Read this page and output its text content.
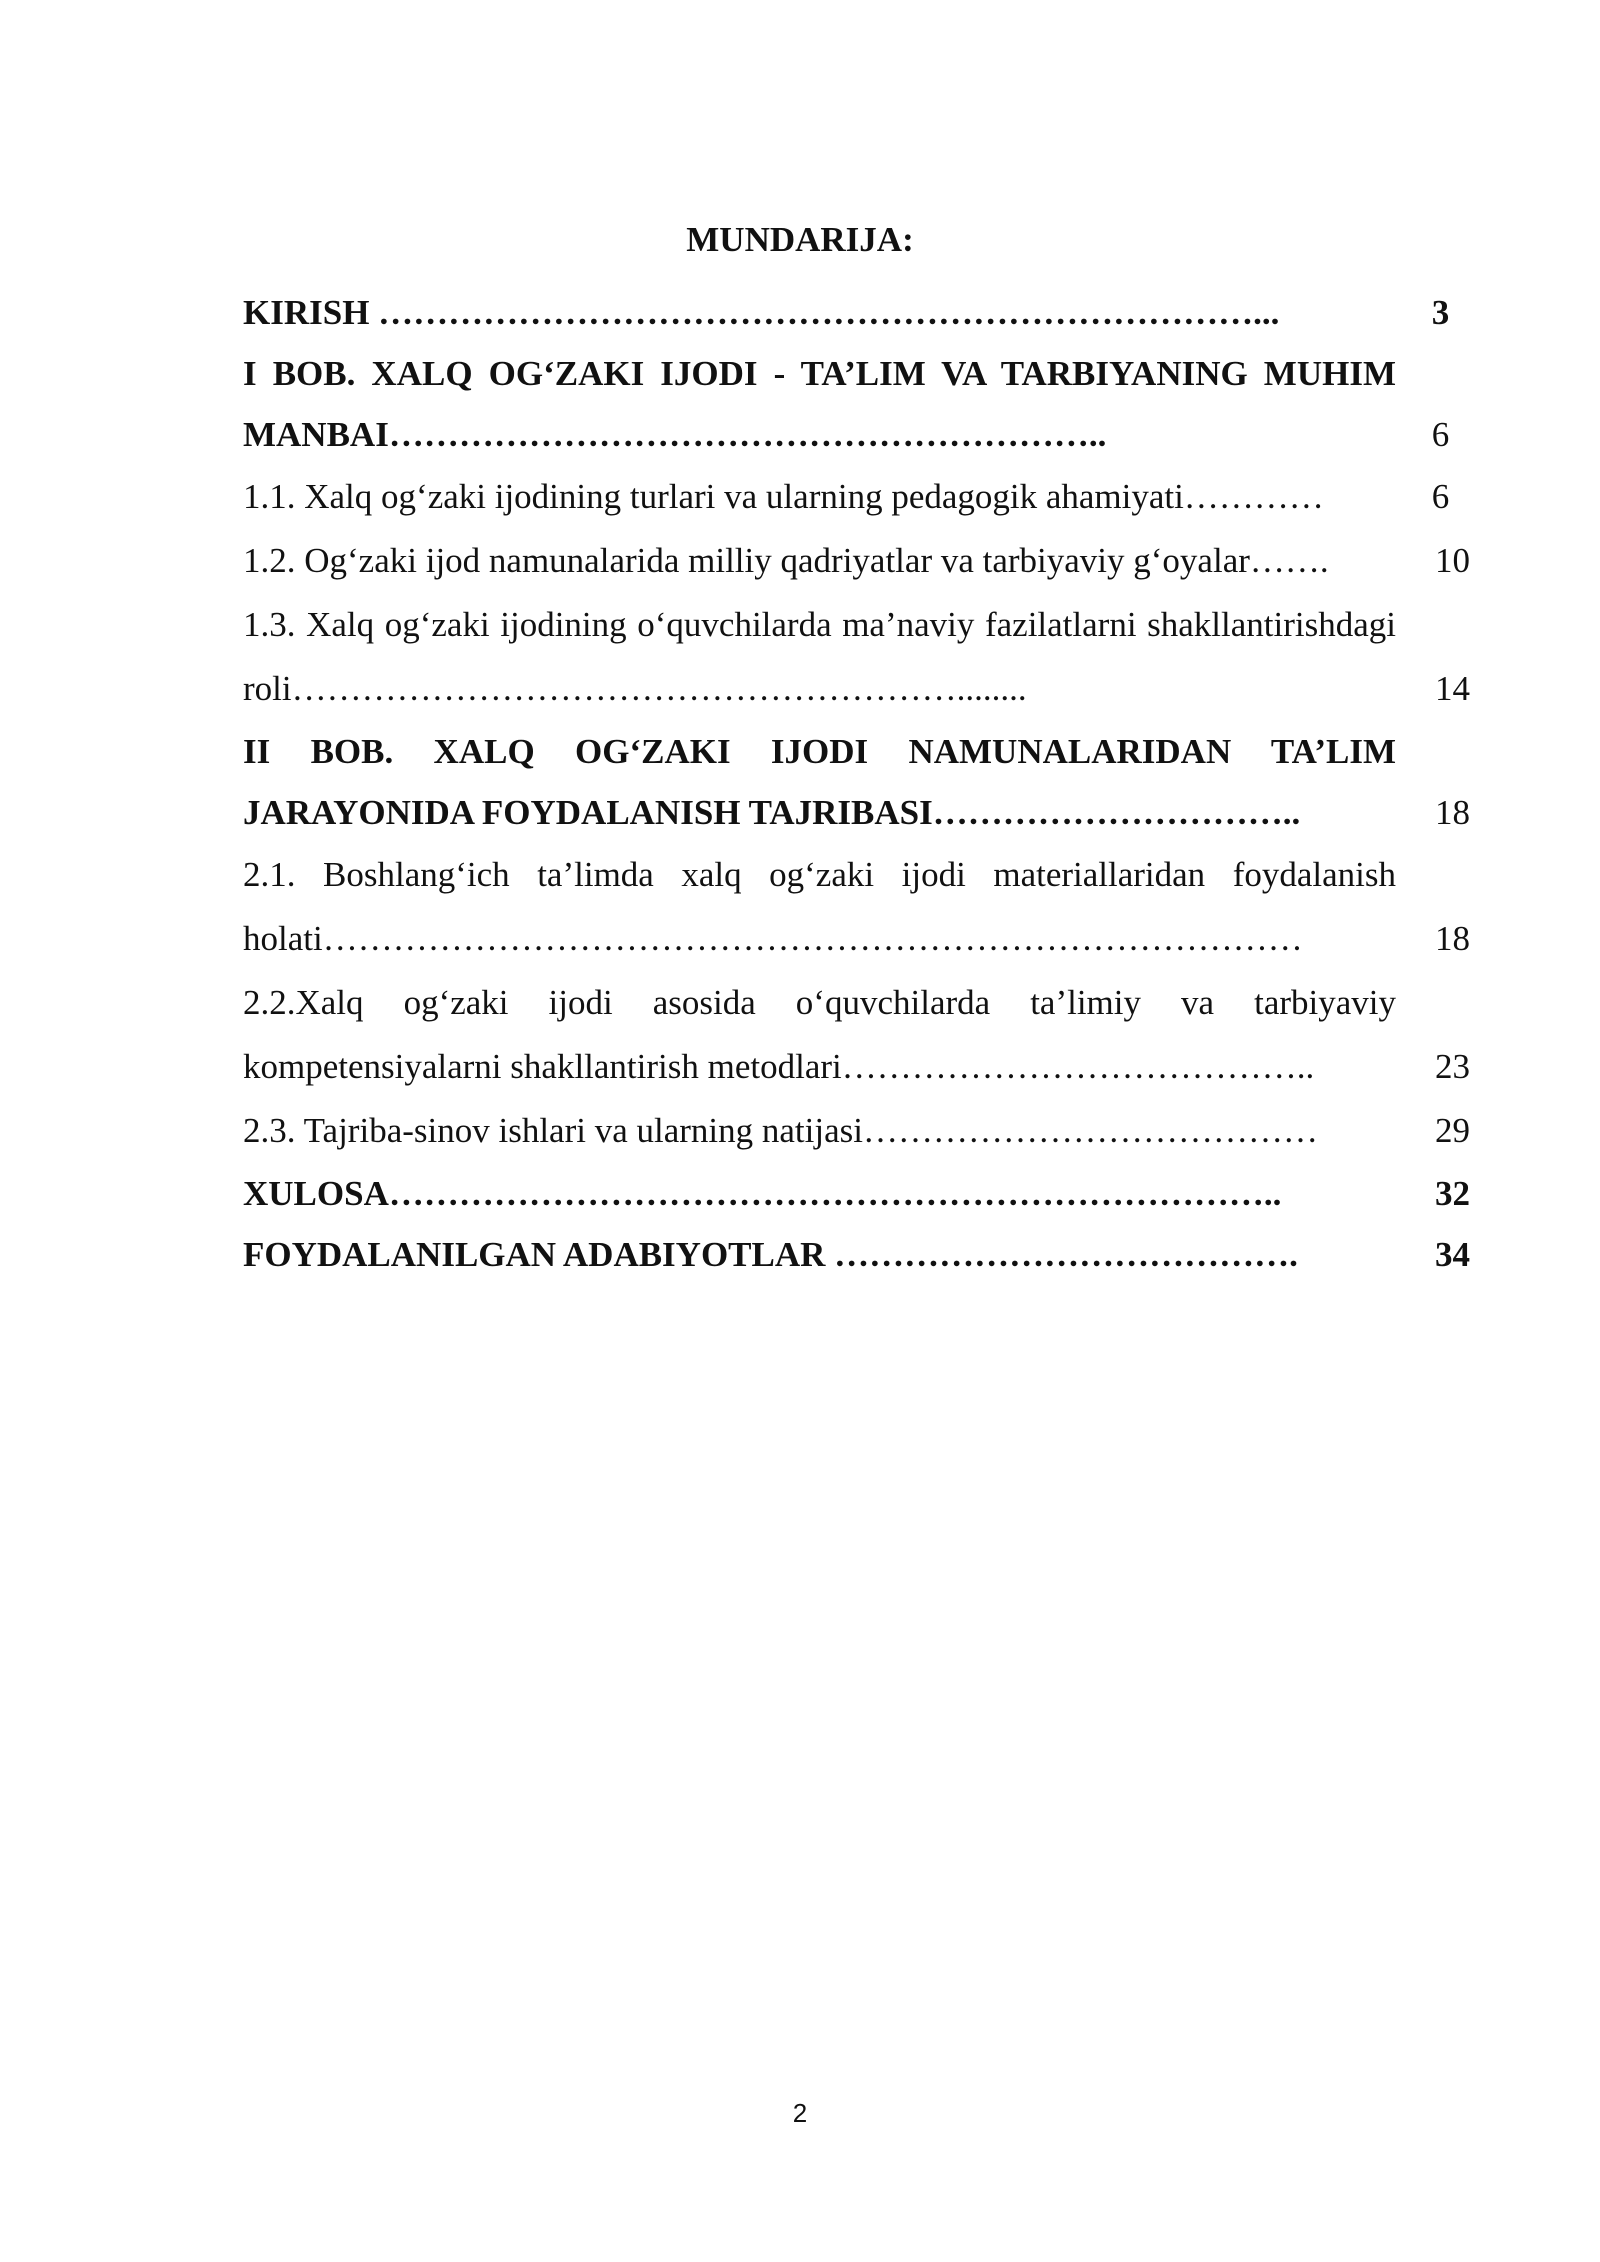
MUNDARIJA:
KIRISH …………………………………………………………………...	3
I BOB. XALQ OG‘ZAKI IJODI - TA’LIM VA TARBIYANING MUHIM MANBAI……………………………………………………..	6
1.1. Xalq og‘zaki ijodining turlari va ularning pedagogik ahamiyati…………	6
1.2. Og‘zaki ijod namunalarida milliy qadriyatlar va tarbiyaviy g‘oyalar…….	10
1.3. Xalq og‘zaki ijodining o‘quvchilarda ma’naviy fazilatlarni shakllantirishdagi roli…………………………………………………........	14
II BOB. XALQ OG‘ZAKI IJODI NAMUNALARIDAN TA’LIM JARAYONIDA FOYDALANISH TAJRIBASI…………………………..	18
2.1. Boshlang‘ich ta’limda xalq og‘zaki ijodi materiallaridan foydalanish holati…………………………………………………………………………	18
2.2.Xalq og‘zaki ijodi asosida o‘quvchilarda ta’limiy va tarbiyaviy kompetensiyalarni shakllantirish metodlari…………………………………..	23
2.3. Tajriba-sinov ishlari va ularning natijasi…………………………………	29
XULOSA…………………………………………………………………..	32
FOYDALANILGAN ADABIYOTLAR ………………………………….	34
2
